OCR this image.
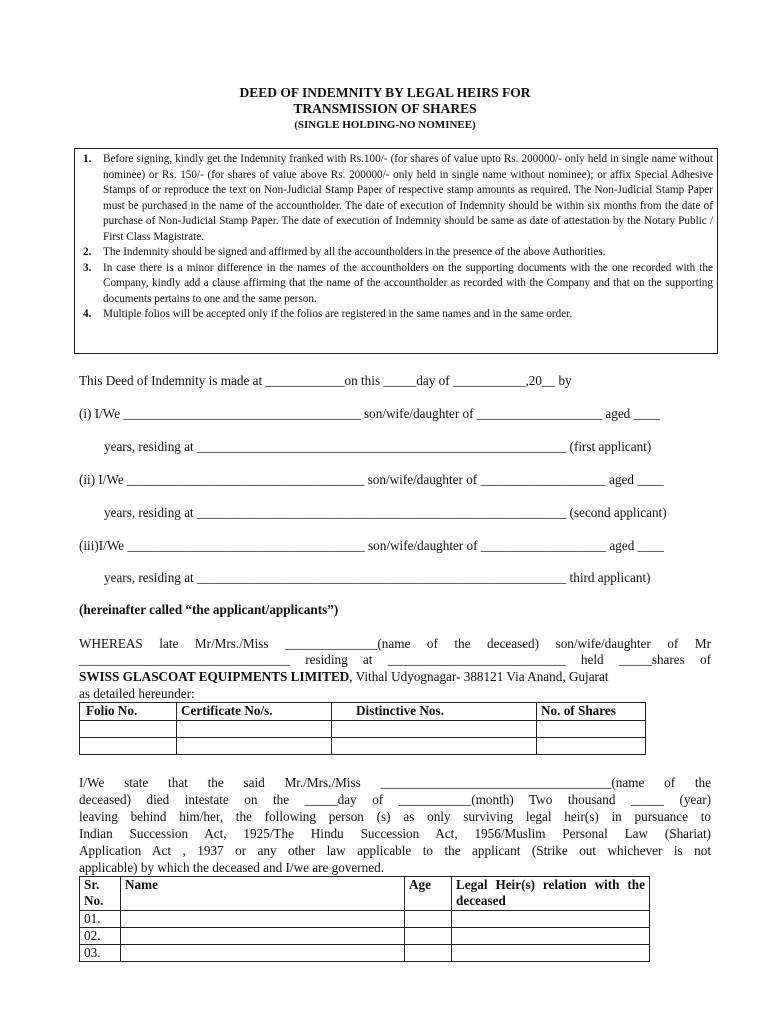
DEED OF INDEMNITY BY LEGAL HEIRS FOR
TRANSMISSION OF SHARES
(SINGLE HOLDING-NO NOMINEE)
1. Before signing, kindly get the Indemnity franked with Rs.100/- (for shares of value upto Rs. 200000/- only held in single name without nominee) or Rs. 150/- (for shares of value above Rs. 200000/- only held in single name without nominee); or affix Special Adhesive Stamps of or reproduce the text on Non-Judicial Stamp Paper of respective stamp amounts as required. The Non-Judicial Stamp Paper must be purchased in the name of the accountholder. The date of execution of Indemnity should be within six months from the date of purchase of Non-Judicial Stamp Paper. The date of execution of Indemnity should be same as date of attestation by the Notary Public / First Class Magistrate.
2. The Indemnity should be signed and affirmed by all the accountholders in the presence of the above Authorities.
3. In case there is a minor difference in the names of the accountholders on the supporting documents with the one recorded with the Company, kindly add a clause affirming that the name of the accountholder as recorded with the Company and that on the supporting documents pertains to one and the same person.
4. Multiple folios will be accepted only if the folios are registered in the same names and in the same order.
This Deed of Indemnity is made at ____________on this _____day of ___________,20__ by
(i) I/We ____________________________________ son/wife/daughter of ___________________ aged ____
years, residing at ________________________________________________________ (first applicant)
(ii) I/We ____________________________________ son/wife/daughter of ___________________ aged ____
years, residing at ________________________________________________________ (second applicant)
(iii)I/We ____________________________________ son/wife/daughter of ___________________ aged ____
years, residing at ________________________________________________________ third applicant)
(hereinafter called “the applicant/applicants”)
WHEREAS late Mr/Mrs./Miss ______________(name of the deceased) son/wife/daughter of Mr
________________________________ residing at ___________________________ held _____shares of
SWISS GLASCOAT EQUIPMENTS LIMITED, Vithal Udyognagar- 388121 Via Anand, Gujarat
as detailed hereunder:
Folio No.	Certificate No/s.	Distinctive Nos.	No. of Shares

I/We state that the said Mr./Mrs./Miss ___________________________________(name of the
deceased) died intestate on the _____day of ___________(month) Two thousand _____ (year)
leaving behind him/her, the following person (s) as only surviving legal heir(s) in pursuance to
Indian Succession Act, 1925/The Hindu Succession Act, 1956/Muslim Personal Law (Shariat)
Application Act , 1937 or any other law applicable to the applicant (Strike out whichever is not
applicable) by which the deceased and I/we are governed.
Sr. No.	Name	Age	Legal Heir(s) relation with the deceased
01.			
02.			
03.			
